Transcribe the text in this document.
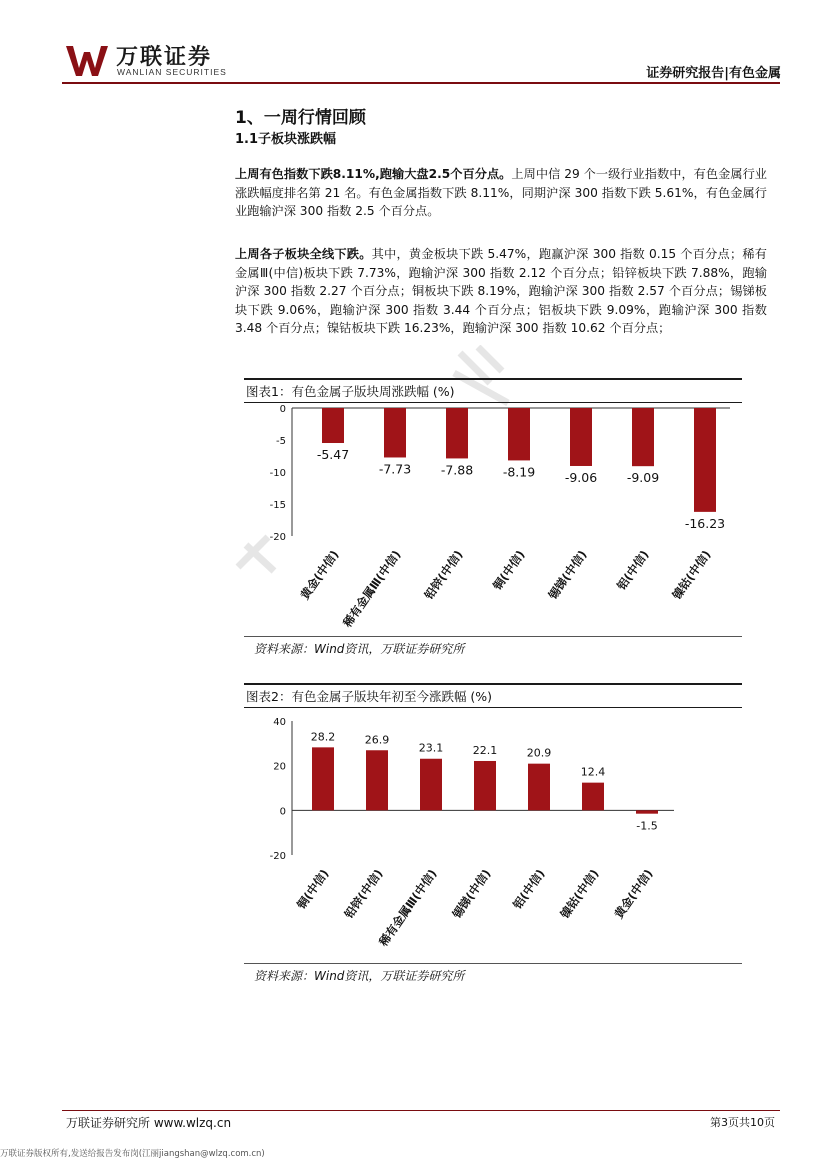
万联证券
WANLIAN SECURITIES	证券研究报告|有色金属
1、一周行情回顾
1.1子板块涨跌幅
上周有色指数下跌8.11%,跑输大盘2.5个百分点。上周中信 29 个一级行业指数中，有色金属行业涨跌幅度排名第 21 名。有色金属指数下跌 8.11%，同期沪深 300 指数下跌 5.61%，有色金属行业跑输沪深 300 指数 2.5 个百分点。
上周各子板块全线下跌。其中，黄金板块下跌 5.47%，跑赢沪深 300 指数 0.15 个百分点；稀有金属Ⅲ(中信)板块下跌 7.73%，跑输沪深 300 指数 2.12 个百分点；铅锌板块下跌 7.88%，跑输沪深 300 指数 2.27 个百分点；铜板块下跌 8.19%，跑输沪深 300 指数 2.57 个百分点；锡锑板块下跌 9.06%，跑输沪深 300 指数 3.44 个百分点；铝板块下跌 9.09%，跑输沪深 300 指数 3.48 个百分点；镍钴板块下跌 16.23%，跑输沪深 300 指数 10.62 个百分点；
图表1：有色金属子版块周涨跌幅 (%)
0
-5
-10
-15
-20
-5.47
黄金(中信)
-7.73
稀有金属Ⅲ(中信)
-7.88
铅锌(中信)
-8.19
铜(中信)
-9.06
锡锑(中信)
-9.09
铝(中信)
-16.23
镍钴(中信)
资料来源：Wind资讯，万联证券研究所
图表2：有色金属子版块年初至今涨跌幅 (%)
40
20
0
-20
28.2
铜(中信)
26.9
铅锌(中信)
23.1
稀有金属Ⅲ(中信)
22.1
锡锑(中信)
20.9
铝(中信)
12.4
镍钴(中信)
-1.5
黄金(中信)
资料来源：Wind资讯，万联证券研究所
万联证券研究所 www.wlzq.cn	第3页共10页
万联证券版权所有,发送给报告发布岗(江丽jiangshan@wlzq.com.cn)
